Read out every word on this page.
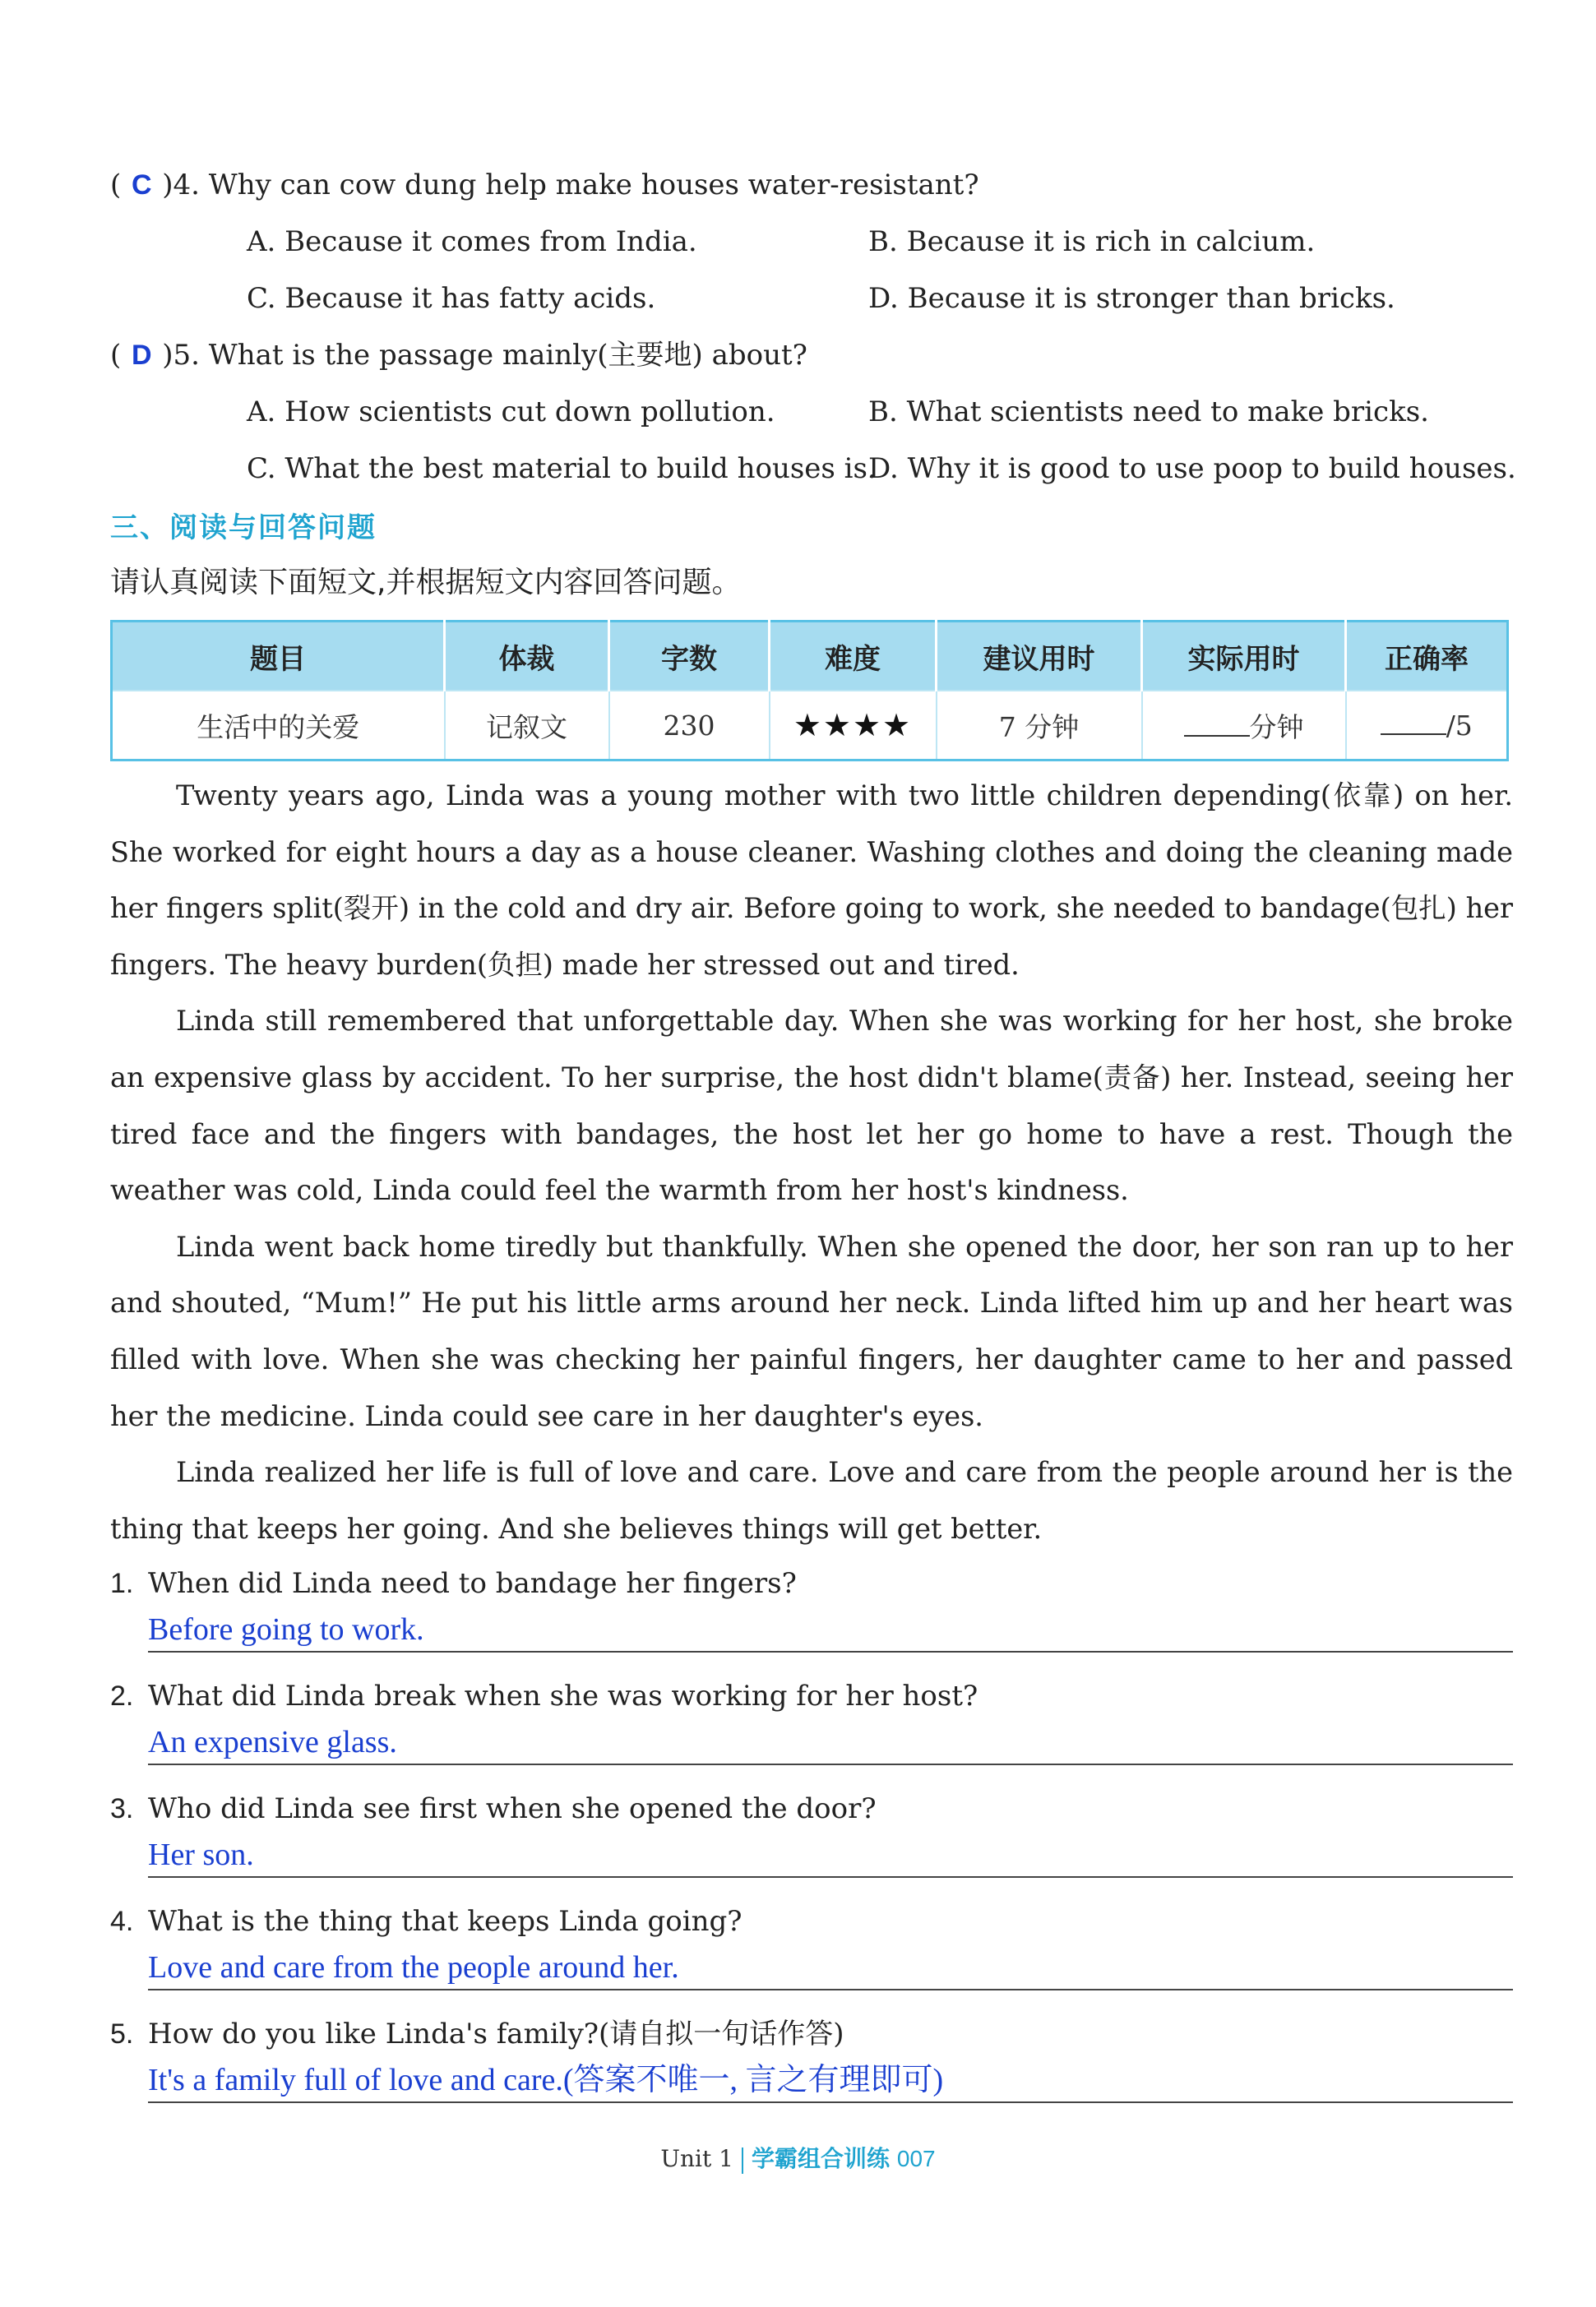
( C )4. Why can cow dung help make houses water-resistant?
A. Because it comes from India.	B. Because it is rich in calcium.
C. Because it has fatty acids.	D. Because it is stronger than bricks.
( D )5. What is the passage mainly(主要地) about?
A. How scientists cut down pollution.	B. What scientists need to make bricks.
C. What the best material to build houses is.
D. Why it is good to use poop to build houses.
三、阅读与回答问题
请认真阅读下面短文,并根据短文内容回答问题。
题目	体裁	字数	难度	建议用时	实际用时	正确率
生活中的关爱	记叙文	230	★★★★	7 分钟	分钟	/5

Twenty years ago, Linda was a young mother with two little children depending(依靠) on her. She worked for eight hours a day as a house cleaner. Washing clothes and doing the cleaning made her fingers split(裂开) in the cold and dry air. Before going to work, she needed to bandage(包扎) her fingers. The heavy burden(负担) made her stressed out and tired.

Linda still remembered that unforgettable day. When she was working for her host, she broke an expensive glass by accident. To her surprise, the host didn't blame(责备) her. Instead, seeing her tired face and the fingers with bandages, the host let her go home to have a rest. Though the weather was cold, Linda could feel the warmth from her host's kindness.

Linda went back home tiredly but thankfully. When she opened the door, her son ran up to her and shouted, “Mum!” He put his little arms around her neck. Linda lifted him up and her heart was filled with love. When she was checking her painful fingers, her daughter came to her and passed her the medicine. Linda could see care in her daughter's eyes.

Linda realized her life is full of love and care. Love and care from the people around her is the thing that keeps her going. And she believes things will get better.

1. When did Linda need to bandage her fingers?
Before going to work.
2. What did Linda break when she was working for her host?
An expensive glass.
3. Who did Linda see first when she opened the door?
Her son.
4. What is the thing that keeps Linda going?
Love and care from the people around her.
5. How do you like Linda's family?(请自拟一句话作答)
It's a family full of love and care.(答案不唯一, 言之有理即可)
Unit 1 学霸组合训练 007
